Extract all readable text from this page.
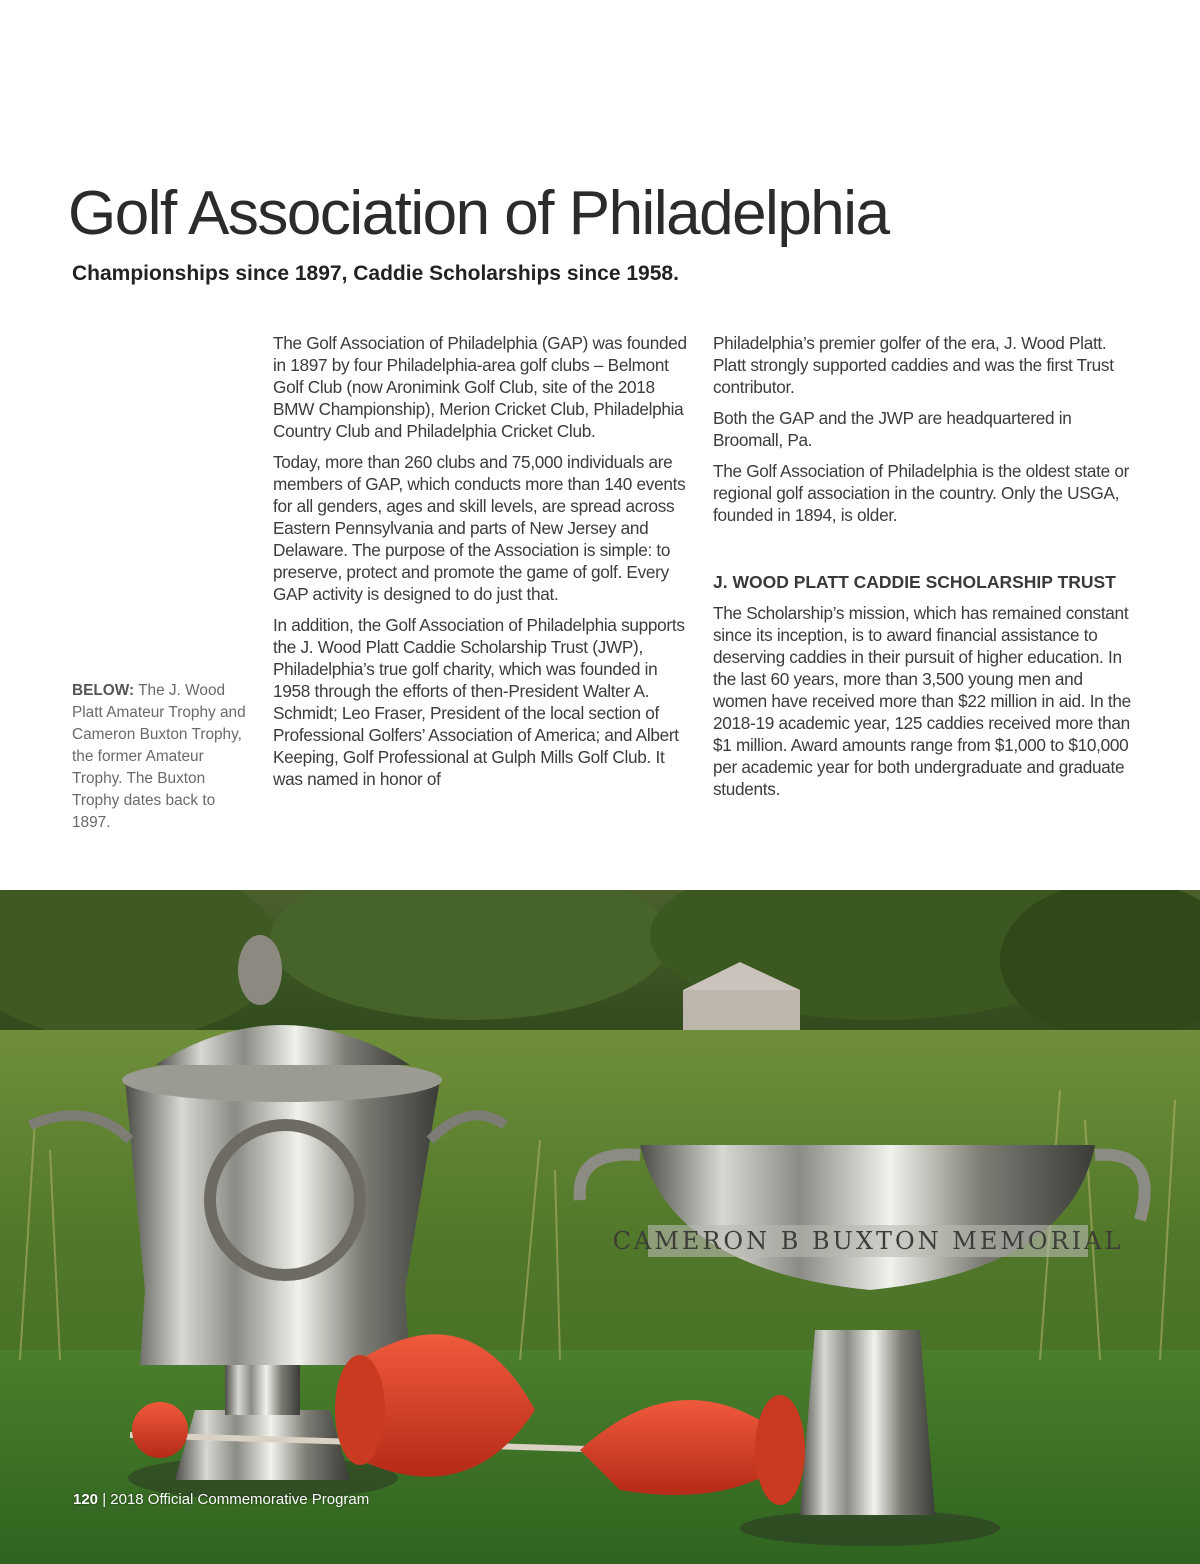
Golf Association of Philadelphia
Championships since 1897, Caddie Scholarships since 1958.
BELOW: The J. Wood Platt Amateur Trophy and Cameron Buxton Trophy, the former Amateur Trophy. The Buxton Trophy dates back to 1897.

The Golf Association of Philadelphia (GAP) was founded in 1897 by four Philadelphia-area golf clubs – Belmont Golf Club (now Aronimink Golf Club, site of the 2018 BMW Championship), Merion Cricket Club, Philadelphia Country Club and Philadelphia Cricket Club.

Today, more than 260 clubs and 75,000 individuals are members of GAP, which conducts more than 140 events for all genders, ages and skill levels, are spread across Eastern Pennsylvania and parts of New Jersey and Delaware. The purpose of the Association is simple: to preserve, protect and promote the game of golf. Every GAP activity is designed to do just that.

In addition, the Golf Association of Philadelphia supports the J. Wood Platt Caddie Scholarship Trust (JWP), Philadelphia’s true golf charity, which was founded in 1958 through the efforts of then-President Walter A. Schmidt; Leo Fraser, President of the local section of Professional Golfers’ Association of America; and Albert Keeping, Golf Professional at Gulph Mills Golf Club. It was named in honor of

Philadelphia’s premier golfer of the era, J. Wood Platt. Platt strongly supported caddies and was the first Trust contributor.

Both the GAP and the JWP are headquartered in Broomall, Pa.

The Golf Association of Philadelphia is the oldest state or regional golf association in the country. Only the USGA, founded in 1894, is older.

J. WOOD PLATT CADDIE SCHOLARSHIP TRUST

The Scholarship’s mission, which has remained constant since its inception, is to award financial assistance to deserving caddies in their pursuit of higher education. In the last 60 years, more than 3,500 young men and women have received more than $22 million in aid. In the 2018-19 academic year, 125 caddies received more than $1 million. Award amounts range from $1,000 to $10,000 per academic year for both undergraduate and graduate students.

CAMERON B BUXTON MEMORIAL
120 | 2018 Official Commemorative Program
